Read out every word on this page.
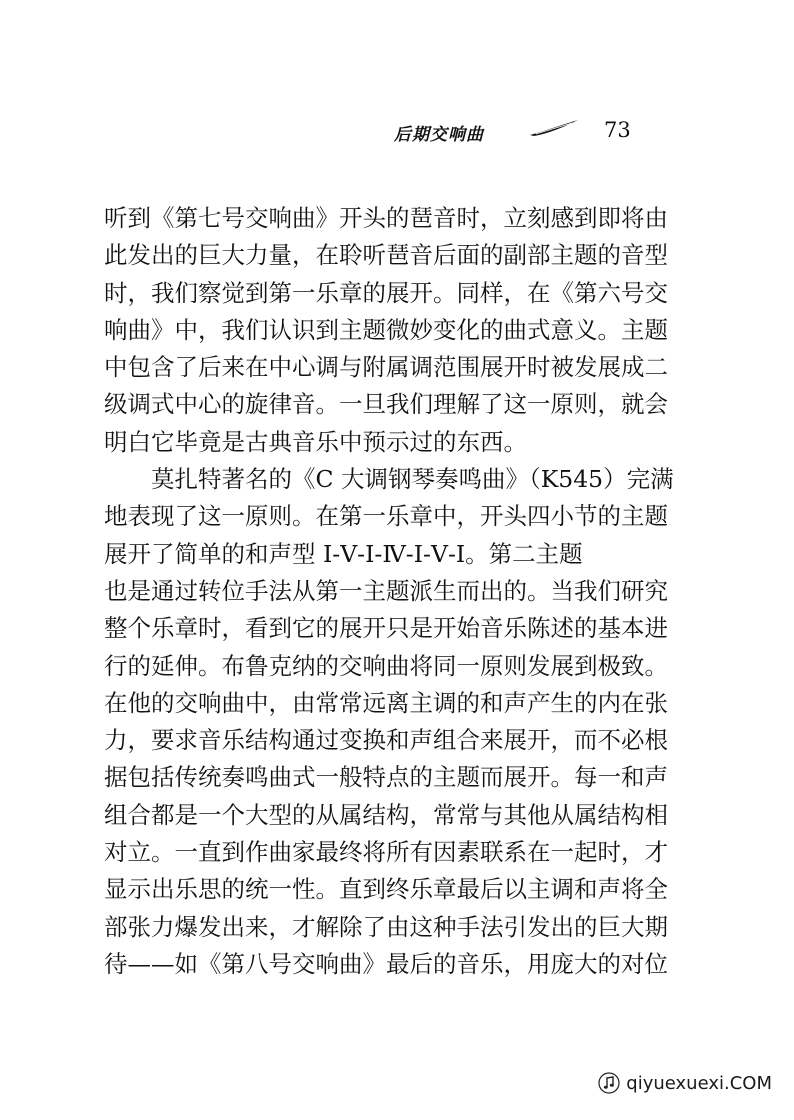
后期交响曲	73
听到《第七号交响曲》开头的琶音时，立刻感到即将由
此发出的巨大力量，在聆听琶音后面的副部主题的音型
时，我们察觉到第一乐章的展开。同样，在《第六号交
响曲》中，我们认识到主题微妙变化的曲式意义。主题
中包含了后来在中心调与附属调范围展开时被发展成二
级调式中心的旋律音。一旦我们理解了这一原则，就会
明白它毕竟是古典音乐中预示过的东西。
　　莫扎特著名的《C 大调钢琴奏鸣曲》（K545）完满
地表现了这一原则。在第一乐章中，开头四小节的主题
展开了简单的和声型 Ⅰ-Ⅴ-Ⅰ-Ⅳ-Ⅰ-Ⅴ-Ⅰ。第二主题
也是通过转位手法从第一主题派生而出的。当我们研究
整个乐章时，看到它的展开只是开始音乐陈述的基本进
行的延伸。布鲁克纳的交响曲将同一原则发展到极致。
在他的交响曲中，由常常远离主调的和声产生的内在张
力，要求音乐结构通过变换和声组合来展开，而不必根
据包括传统奏鸣曲式一般特点的主题而展开。每一和声
组合都是一个大型的从属结构，常常与其他从属结构相
对立。一直到作曲家最终将所有因素联系在一起时，才
显示出乐思的统一性。直到终乐章最后以主调和声将全
部张力爆发出来，才解除了由这种手法引发出的巨大期
待——如《第八号交响曲》最后的音乐，用庞大的对位
qiyuexuexi.COM
